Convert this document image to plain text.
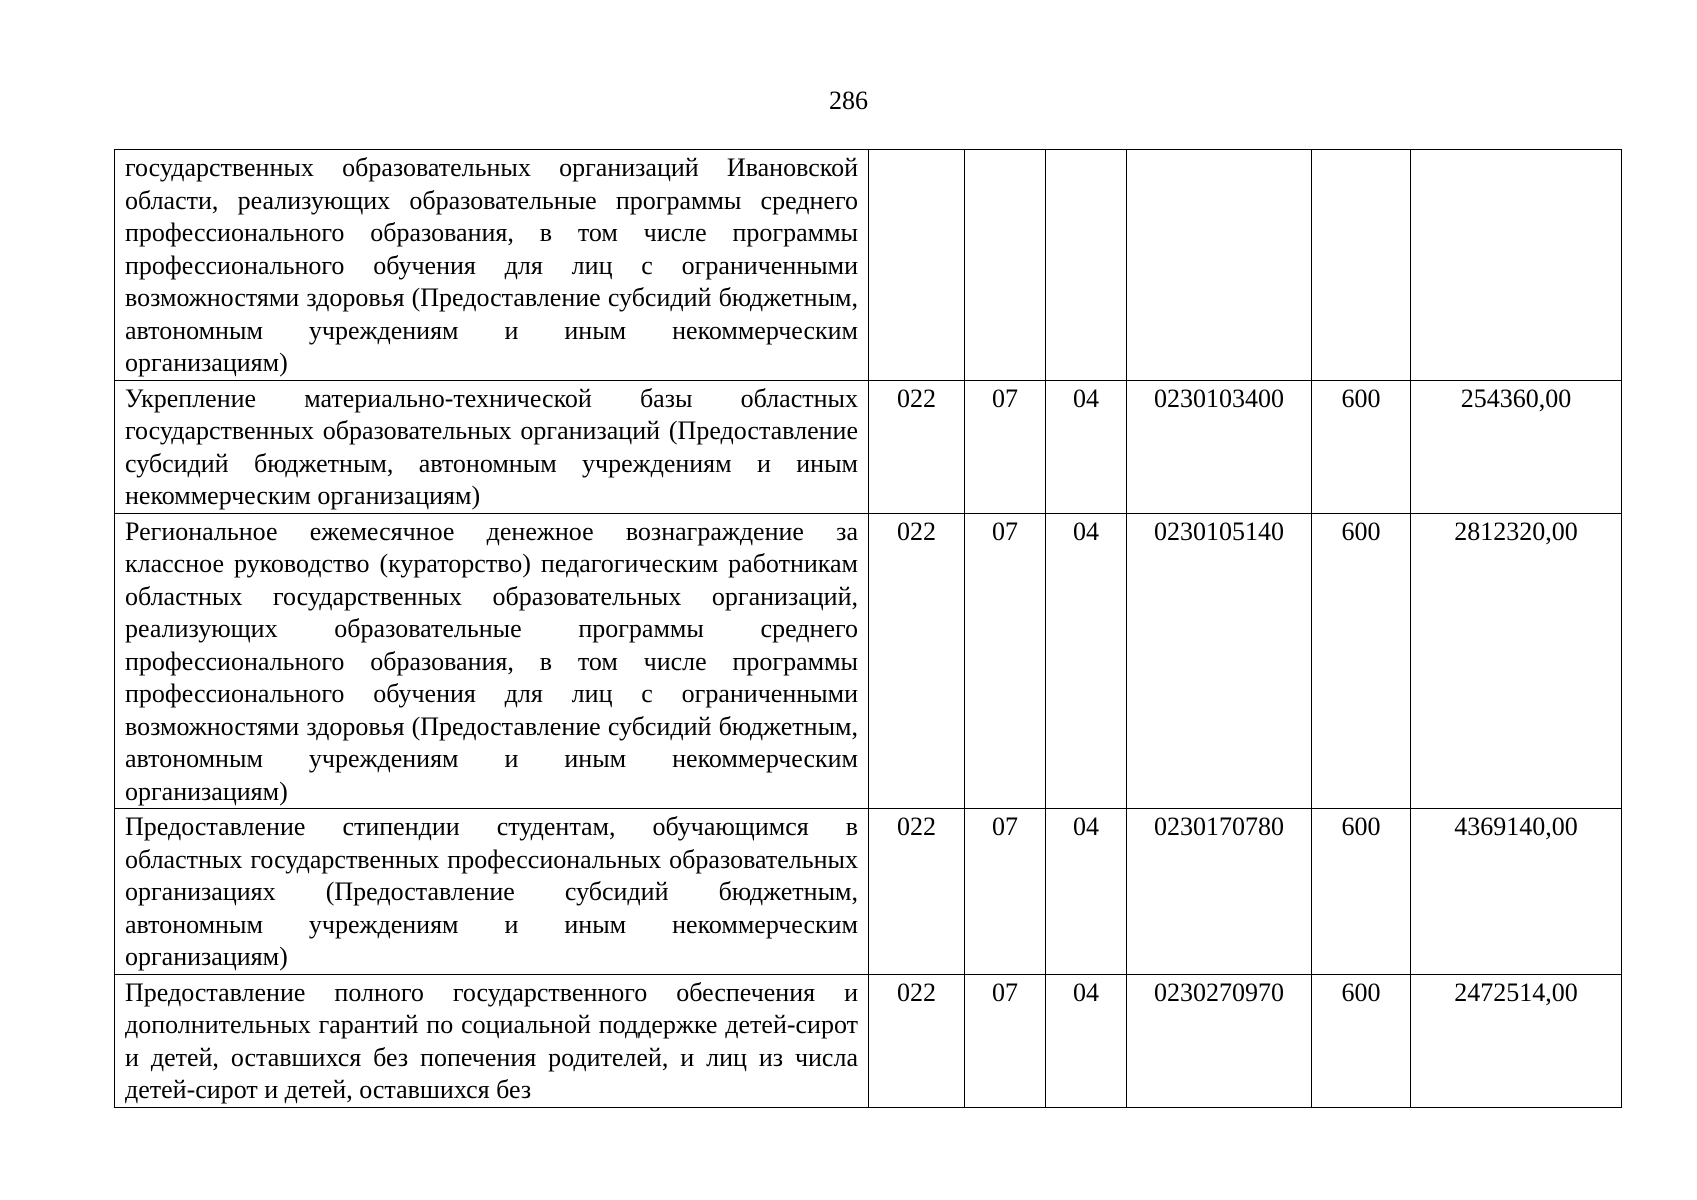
286
государственных образовательных организаций Ивановской области, реализующих образовательные программы среднего профессионального образования, в том числе программы профессионального обучения для лиц с ограниченными возможностями здоровья (Предоставление субсидий бюджетным, автономным учреждениям и иным некоммерческим организациям)						
Укрепление материально-технической базы областных государственных образовательных организаций (Предоставление субсидий бюджетным, автономным учреждениям и иным некоммерческим организациям)	022	07	04	0230103400	600	254360,00
Региональное ежемесячное денежное вознаграждение за классное руководство (кураторство) педагогическим работникам областных государственных образовательных организаций, реализующих образовательные программы среднего профессионального образования, в том числе программы профессионального обучения для лиц с ограниченными возможностями здоровья (Предоставление субсидий бюджетным, автономным учреждениям и иным некоммерческим организациям)	022	07	04	0230105140	600	2812320,00
Предоставление стипендии студентам, обучающимся в областных государственных профессиональных образовательных организациях (Предоставление субсидий бюджетным, автономным учреждениям и иным некоммерческим организациям)	022	07	04	0230170780	600	4369140,00
Предоставление полного государственного обеспечения и дополнительных гарантий по социальной поддержке детей-сирот и детей, оставшихся без попечения родителей, и лиц из числа детей-сирот и детей, оставшихся без	022	07	04	0230270970	600	2472514,00
